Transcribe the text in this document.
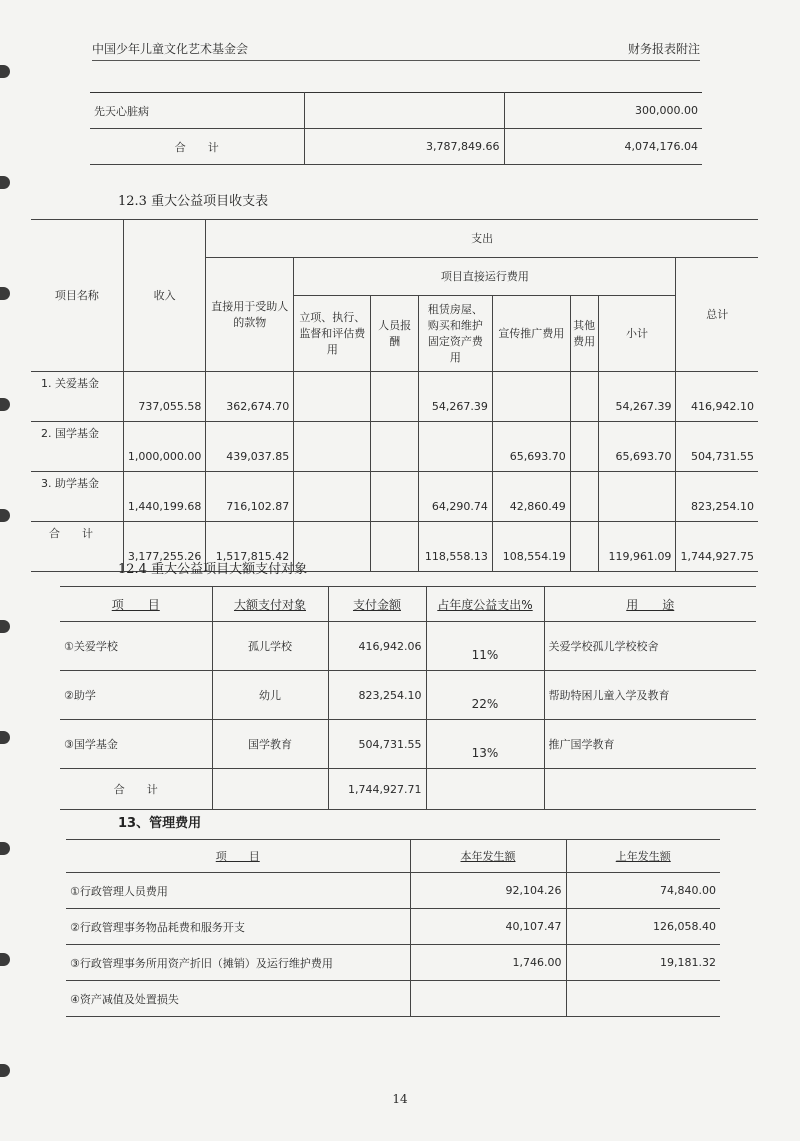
中国少年儿童文化艺术基金会	财务报表附注
先天心脏病		300,000.00
合　　计	3,787,849.66	4,074,176.04
12.3 重大公益项目收支表
项目名称	收入	支出							
		直接用于受助人的款物	项目直接运行费用						总计
			立项、执行、监督和评估费用	人员报酬	租赁房屋、购买和维护固定资产费用	宣传推广费用	其他费用	小计	
1. 关爱基金	737,055.58	362,674.70			54,267.39			54,267.39	416,942.10
2. 国学基金	1,000,000.00	439,037.85				65,693.70		65,693.70	504,731.55
3. 助学基金	1,440,199.68	716,102.87			64,290.74	42,860.49			823,254.10
合　　计	3,177,255.26	1,517,815.42			118,558.13	108,554.19		119,961.09	1,744,927.75
12.4 重大公益项目大额支付对象
项　　目	大额支付对象	支付金额	占年度公益支出%	用　　途
①关爱学校	孤儿学校	416,942.06	11%	关爱学校孤儿学校校舍
②助学	幼儿	823,254.10	22%	帮助特困儿童入学及教育
③国学基金	国学教育	504,731.55	13%	推广国学教育
合　　计		1,744,927.71		
13、管理费用
项　　目	本年发生额	上年发生额
①行政管理人员费用	92,104.26	74,840.00
②行政管理事务物品耗费和服务开支	40,107.47	126,058.40
③行政管理事务所用资产折旧（摊销）及运行维护费用	1,746.00	19,181.32
④资产减值及处置损失		
14
